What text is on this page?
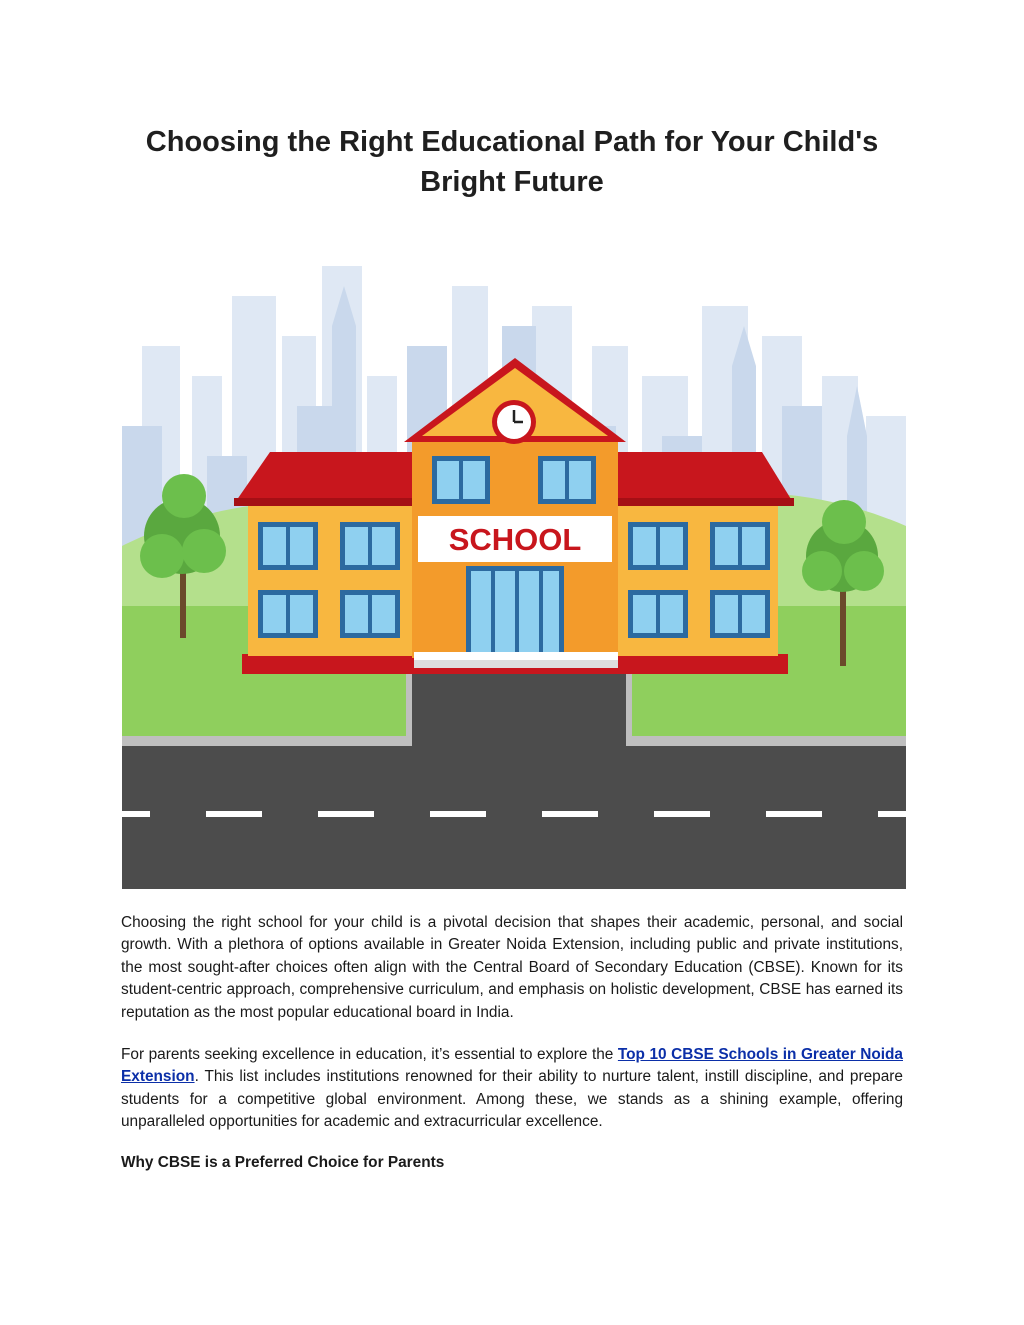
Choosing the Right Educational Path for Your Child's Bright Future
SCHOOL

Choosing the right school for your child is a pivotal decision that shapes their academic, personal, and social growth. With a plethora of options available in Greater Noida Extension, including public and private institutions, the most sought-after choices often align with the Central Board of Secondary Education (CBSE). Known for its student-centric approach, comprehensive curriculum, and emphasis on holistic development, CBSE has earned its reputation as the most popular educational board in India.

For parents seeking excellence in education, it’s essential to explore the Top 10 CBSE Schools in Greater Noida Extension. This list includes institutions renowned for their ability to nurture talent, instill discipline, and prepare students for a competitive global environment. Among these, we stands as a shining example, offering unparalleled opportunities for academic and extracurricular excellence.

Why CBSE is a Preferred Choice for Parents
